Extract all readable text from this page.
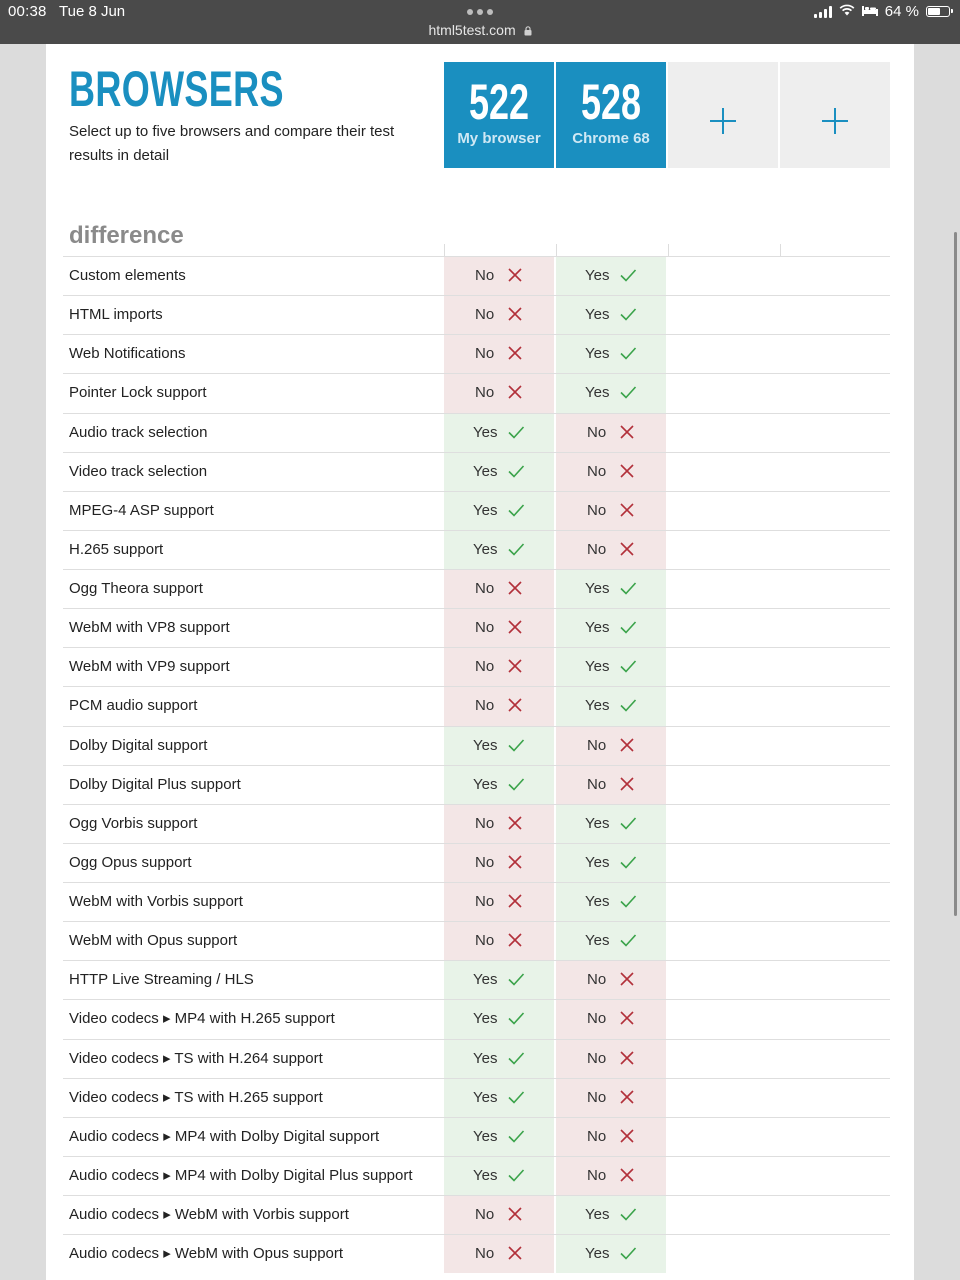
00:38 Tue 8 Jun
html5test.com
64 %
BROWSERS
Select up to five browsers and compare their test results in detail
522
My browser
528
Chrome 68
difference
Custom elements	No	Yes
HTML imports	No	Yes
Web Notifications	No	Yes
Pointer Lock support	No	Yes
Audio track selection	Yes	No
Video track selection	Yes	No
MPEG-4 ASP support	Yes	No
H.265 support	Yes	No
Ogg Theora support	No	Yes
WebM with VP8 support	No	Yes
WebM with VP9 support	No	Yes
PCM audio support	No	Yes
Dolby Digital support	Yes	No
Dolby Digital Plus support	Yes	No
Ogg Vorbis support	No	Yes
Ogg Opus support	No	Yes
WebM with Vorbis support	No	Yes
WebM with Opus support	No	Yes
HTTP Live Streaming / HLS	Yes	No
Video codecs ▸ MP4 with H.265 support	Yes	No
Video codecs ▸ TS with H.264 support	Yes	No
Video codecs ▸ TS with H.265 support	Yes	No
Audio codecs ▸ MP4 with Dolby Digital support	Yes	No
Audio codecs ▸ MP4 with Dolby Digital Plus support	Yes	No
Audio codecs ▸ WebM with Vorbis support	No	Yes
Audio codecs ▸ WebM with Opus support	No	Yes
